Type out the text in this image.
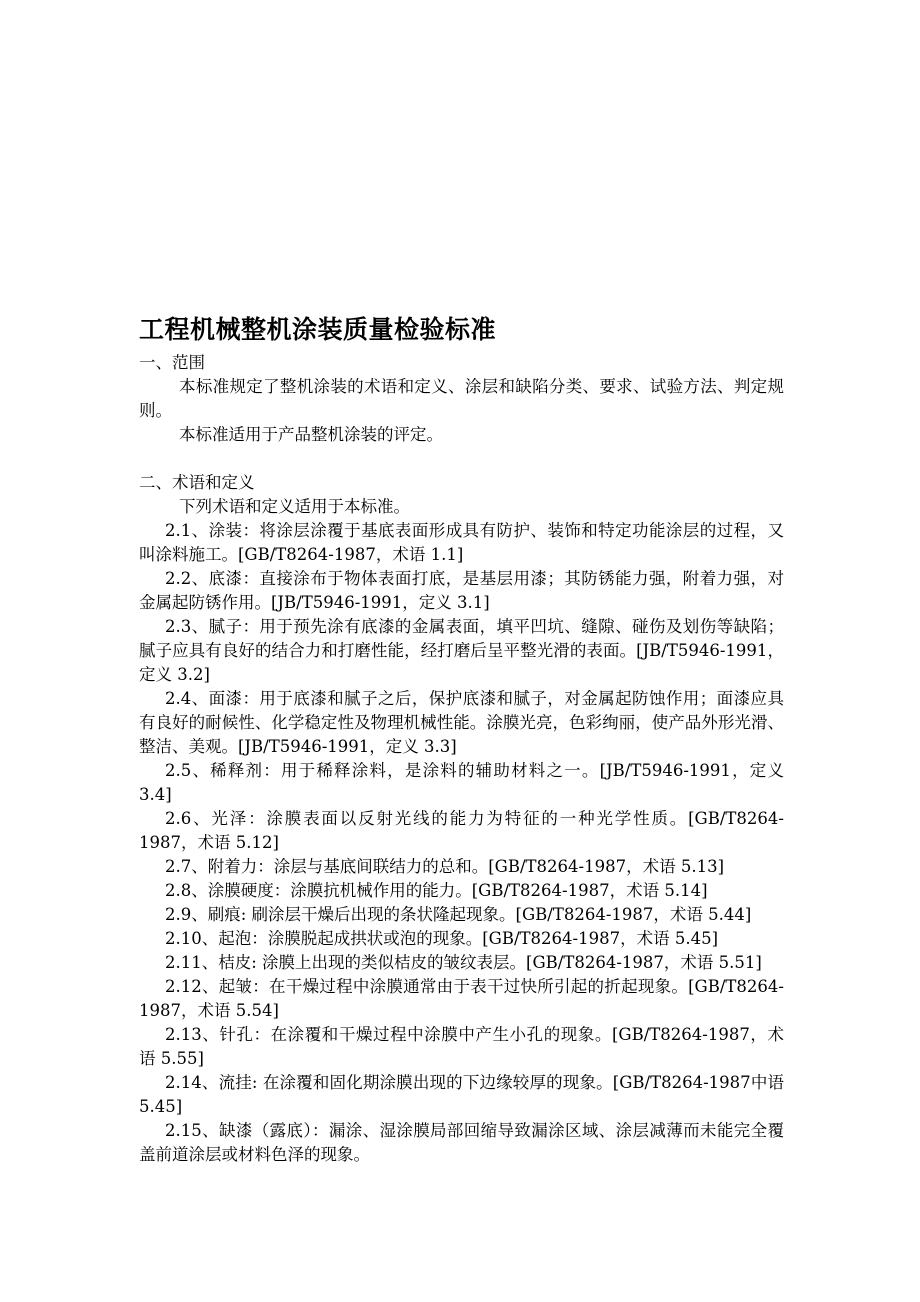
工程机械整机涂装质量检验标准

一、范围

本标准规定了整机涂装的术语和定义、涂层和缺陷分类、要求、试验方法、判定规则。

本标准适用于产品整机涂装的评定。

二、术语和定义

下列术语和定义适用于本标准。

2.1、涂装：将涂层涂覆于基底表面形成具有防护、装饰和特定功能涂层的过程，又叫涂料施工。[GB/T8264-1987，术语 1.1]

2.2、底漆：直接涂布于物体表面打底，是基层用漆；其防锈能力强，附着力强，对金属起防锈作用。[JB/T5946-1991，定义 3.1]

2.3、腻子：用于预先涂有底漆的金属表面，填平凹坑、缝隙、碰伤及划伤等缺陷；腻子应具有良好的结合力和打磨性能，经打磨后呈平整光滑的表面。[JB/T5946-1991，定义 3.2]

2.4、面漆：用于底漆和腻子之后，保护底漆和腻子，对金属起防蚀作用；面漆应具有良好的耐候性、化学稳定性及物理机械性能。涂膜光亮，色彩绚丽，使产品外形光滑、整洁、美观。[JB/T5946-1991，定义 3.3]

2.5、稀释剂：用于稀释涂料，是涂料的辅助材料之一。[JB/T5946-1991，定义 3.4]

2.6、光泽：涂膜表面以反射光线的能力为特征的一种光学性质。[GB/T8264-1987，术语 5.12]

2.7、附着力：涂层与基底间联结力的总和。[GB/T8264-1987，术语 5.13]

2.8、涂膜硬度：涂膜抗机械作用的能力。[GB/T8264-1987，术语 5.14]

2.9、刷痕: 刷涂层干燥后出现的条状隆起现象。[GB/T8264-1987，术语 5.44]

2.10、起泡：涂膜脱起成拱状或泡的现象。[GB/T8264-1987，术语 5.45]

2.11、桔皮: 涂膜上出现的类似桔皮的皱纹表层。[GB/T8264-1987，术语 5.51]

2.12、起皱：在干燥过程中涂膜通常由于表干过快所引起的折起现象。[GB/T8264-1987，术语 5.54]

2.13、针孔：在涂覆和干燥过程中涂膜中产生小孔的现象。[GB/T8264-1987，术语 5.55]

2.14、流挂: 在涂覆和固化期涂膜出现的下边缘较厚的现象。[GB/T8264-1987中语 5.45]

2.15、缺漆（露底）：漏涂、湿涂膜局部回缩导致漏涂区域、涂层减薄而未能完全覆盖前道涂层或材料色泽的现象。
